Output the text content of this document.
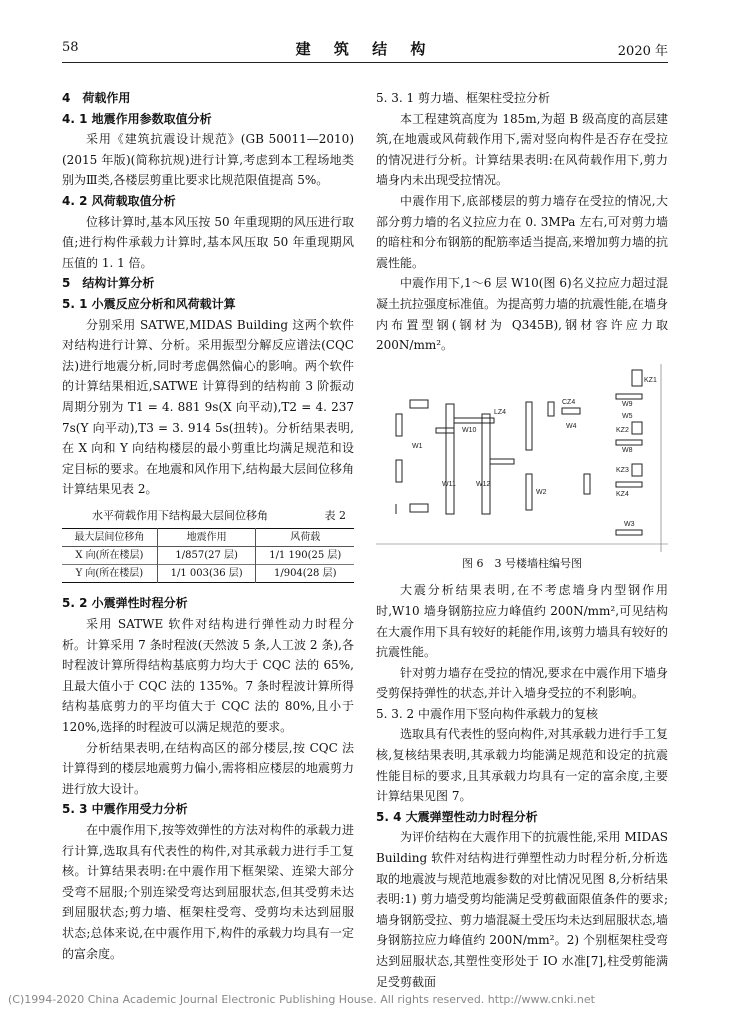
58	建 筑 结 构	2020 年
4　荷载作用
4. 1 地震作用参数取值分析

采用《建筑抗震设计规范》(GB 50011—2010)(2015 年版)(简称抗规)进行计算,考虑到本工程场地类别为Ⅲ类,各楼层剪重比要求比规范限值提高 5%。

4. 2 风荷载取值分析

位移计算时,基本风压按 50 年重现期的风压进行取值;进行构件承载力计算时,基本风压取 50 年重现期风压值的 1. 1 倍。

5　结构计算分析
5. 1 小震反应分析和风荷载计算

分别采用 SATWE,MIDAS Building 这两个软件对结构进行计算、分析。采用振型分解反应谱法(CQC 法)进行地震分析,同时考虑偶然偏心的影响。两个软件的计算结果相近,SATWE 计算得到的结构前 3 阶振动周期分别为 T1 = 4. 881 9s(X 向平动),T2 = 4. 237 7s(Y 向平动),T3 = 3. 914 5s(扭转)。分析结果表明,在 X 向和 Y 向结构楼层的最小剪重比均满足规范和设定目标的要求。在地震和风作用下,结构最大层间位移角计算结果见表 2。

水平荷载作用下结构最大层间位移角	表 2
最大层间位移角	地震作用	风荷载
X 向(所在楼层)	1/857(27 层)	1/1 190(25 层)
Y 向(所在楼层)	1/1 003(36 层)	1/904(28 层)
5. 2 小震弹性时程分析

采用 SATWE 软件对结构进行弹性动力时程分析。计算采用 7 条时程波(天然波 5 条,人工波 2 条),各时程波计算所得结构基底剪力均大于 CQC 法的 65%,且最大值小于 CQC 法的 135%。7 条时程波计算所得结构基底剪力的平均值大于 CQC 法的 80%,且小于 120%,选择的时程波可以满足规范的要求。

分析结果表明,在结构高区的部分楼层,按 CQC 法计算得到的楼层地震剪力偏小,需将相应楼层的地震剪力进行放大设计。

5. 3 中震作用受力分析

在中震作用下,按等效弹性的方法对构件的承载力进行计算,选取具有代表性的构件,对其承载力进行手工复核。计算结果表明:在中震作用下框架梁、连梁大部分受弯不屈服;个别连梁受弯达到屈服状态,但其受剪未达到屈服状态;剪力墙、框架柱受弯、受剪均未达到屈服状态;总体来说,在中震作用下,构件的承载力均具有一定的富余度。

5. 3. 1 剪力墙、框架柱受拉分析

本工程建筑高度为 185m,为超 B 级高度的高层建筑,在地震或风荷载作用下,需对竖向构件是否存在受拉的情况进行分析。计算结果表明:在风荷载作用下,剪力墙身内未出现受拉情况。

中震作用下,底部楼层的剪力墙存在受拉的情况,大部分剪力墙的名义拉应力在 0. 3MPa 左右,可对剪力墙的暗柱和分布钢筋的配筋率适当提高,来增加剪力墙的抗震性能。

中震作用下,1～6 层 W10(图 6)名义拉应力超过混凝土抗拉强度标准值。为提高剪力墙的抗震性能,在墙身内布置型钢(钢材为 Q345B),钢材容许应力取 200N/mm²。

KZ1
W9
W5
KZ2
W8
KZ3
KZ4
W3
W10
W11	W12
W1
W2
W4
LZ4
CZ4
图 6　3 号楼墙柱编号图

大震分析结果表明,在不考虑墙身内型钢作用时,W10 墙身钢筋拉应力峰值约 200N/mm²,可见结构在大震作用下具有较好的耗能作用,该剪力墙具有较好的抗震性能。

针对剪力墙存在受拉的情况,要求在中震作用下墙身受剪保持弹性的状态,并计入墙身受拉的不利影响。

5. 3. 2 中震作用下竖向构件承载力的复核

选取具有代表性的竖向构件,对其承载力进行手工复核,复核结果表明,其承载力均能满足规范和设定的抗震性能目标的要求,且其承载力均具有一定的富余度,主要计算结果见图 7。

5. 4 大震弹塑性动力时程分析

为评价结构在大震作用下的抗震性能,采用 MIDAS Building 软件对结构进行弹塑性动力时程分析,分析选取的地震波与规范地震参数的对比情况见图 8,分析结果表明:1) 剪力墙受剪均能满足受剪截面限值条件的要求;墙身钢筋受拉、剪力墙混凝土受压均未达到屈服状态,墙身钢筋拉应力峰值约 200N/mm²。2) 个别框架柱受弯达到屈服状态,其塑性变形处于 IO 水准[7],柱受剪能满足受剪截面

(C)1994-2020 China Academic Journal Electronic Publishing House. All rights reserved. http://www.cnki.net
